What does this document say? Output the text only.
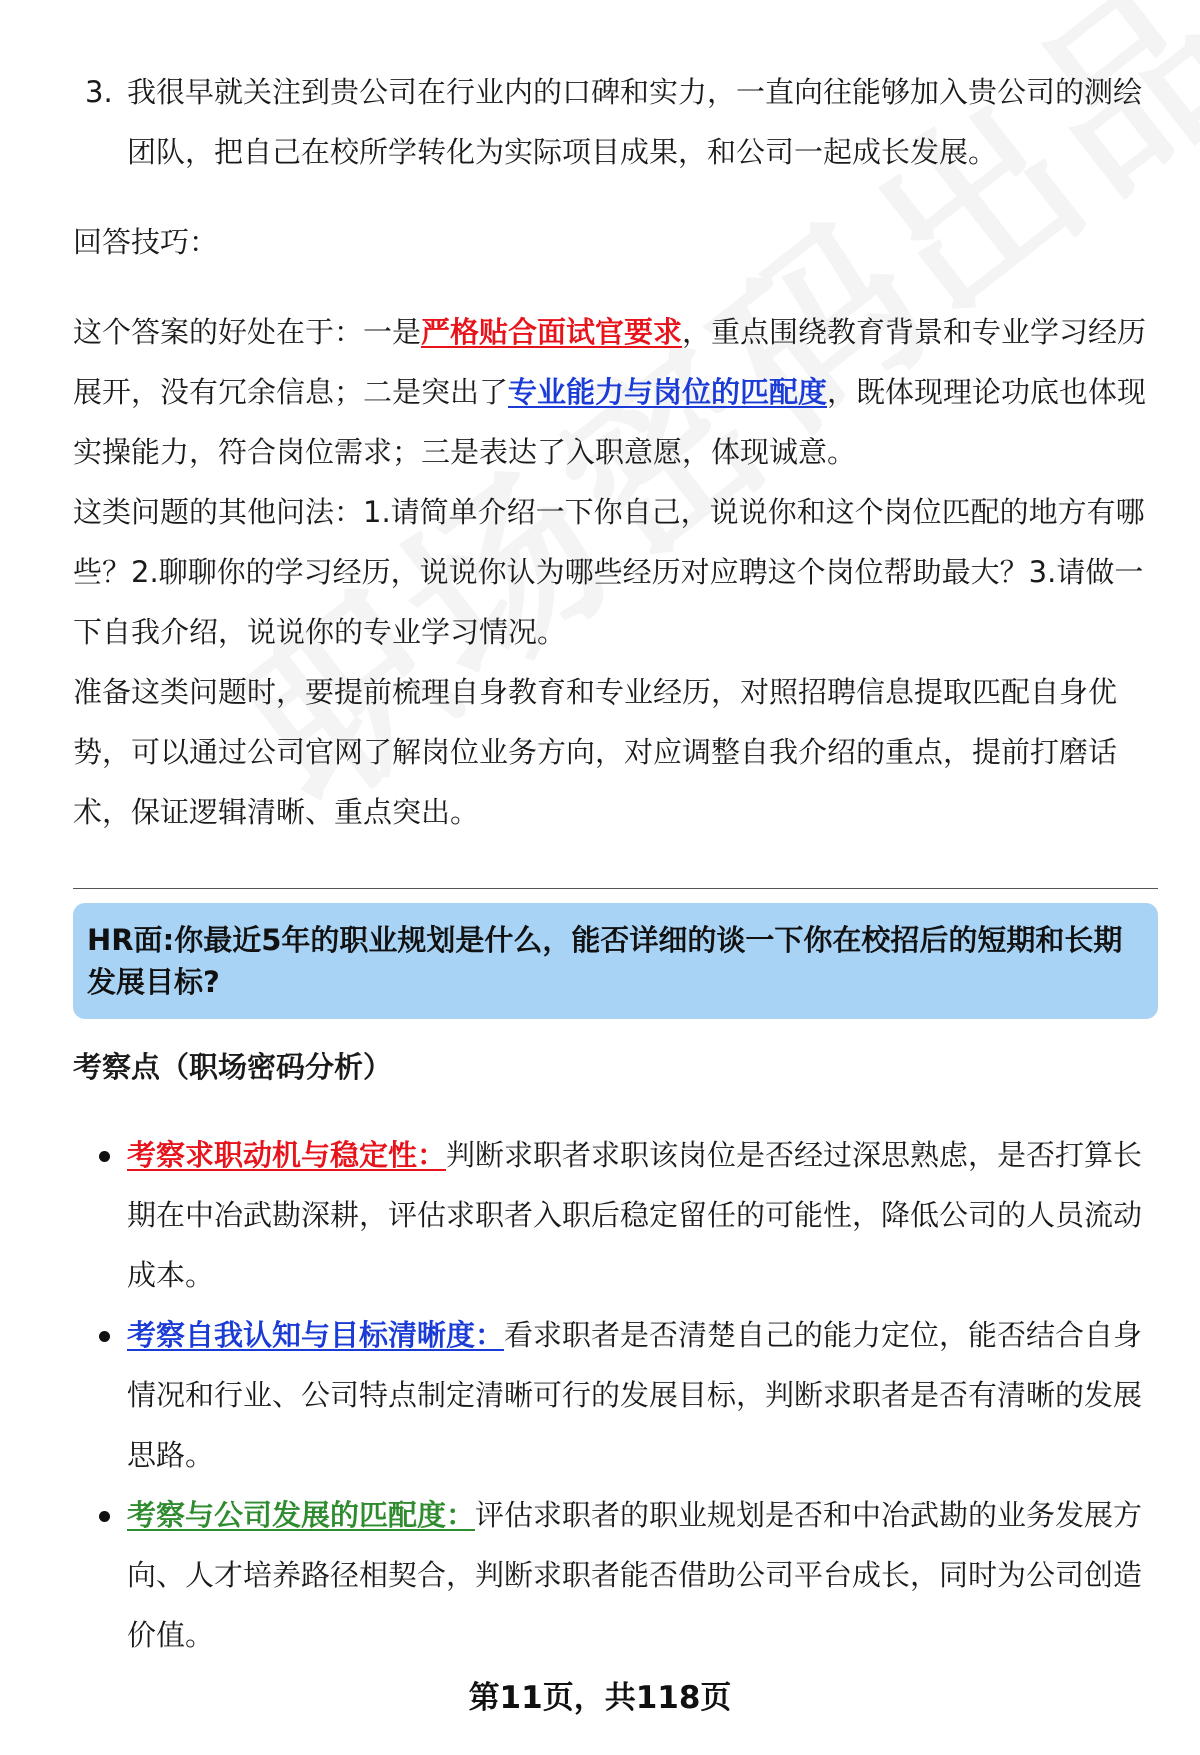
3. 我很早就关注到贵公司在行业内的口碑和实力，一直向往能够加入贵公司的测绘团队，把自己在校所学转化为实际项目成果，和公司一起成长发展。

回答技巧：

这个答案的好处在于：一是严格贴合面试官要求，重点围绕教育背景和专业学习经历展开，没有冗余信息；二是突出了专业能力与岗位的匹配度，既体现理论功底也体现实操能力，符合岗位需求；三是表达了入职意愿，体现诚意。

这类问题的其他问法：1.请简单介绍一下你自己，说说你和这个岗位匹配的地方有哪些？2.聊聊你的学习经历，说说你认为哪些经历对应聘这个岗位帮助最大？3.请做一下自我介绍，说说你的专业学习情况。

准备这类问题时，要提前梳理自身教育和专业经历，对照招聘信息提取匹配自身优势，可以通过公司官网了解岗位业务方向，对应调整自我介绍的重点，提前打磨话术，保证逻辑清晰、重点突出。

HR面:你最近5年的职业规划是什么，能否详细的谈一下你在校招后的短期和长期发展目标?
考察点（职场密码分析）
考察求职动机与稳定性：判断求职者求职该岗位是否经过深思熟虑，是否打算长期在中冶武勘深耕，评估求职者入职后稳定留任的可能性，降低公司的人员流动成本。
考察自我认知与目标清晰度：看求职者是否清楚自己的能力定位，能否结合自身情况和行业、公司特点制定清晰可行的发展目标，判断求职者是否有清晰的发展思路。
考察与公司发展的匹配度：评估求职者的职业规划是否和中冶武勘的业务发展方向、人才培养路径相契合，判断求职者能否借助公司平台成长，同时为公司创造价值。
第11页，共118页
